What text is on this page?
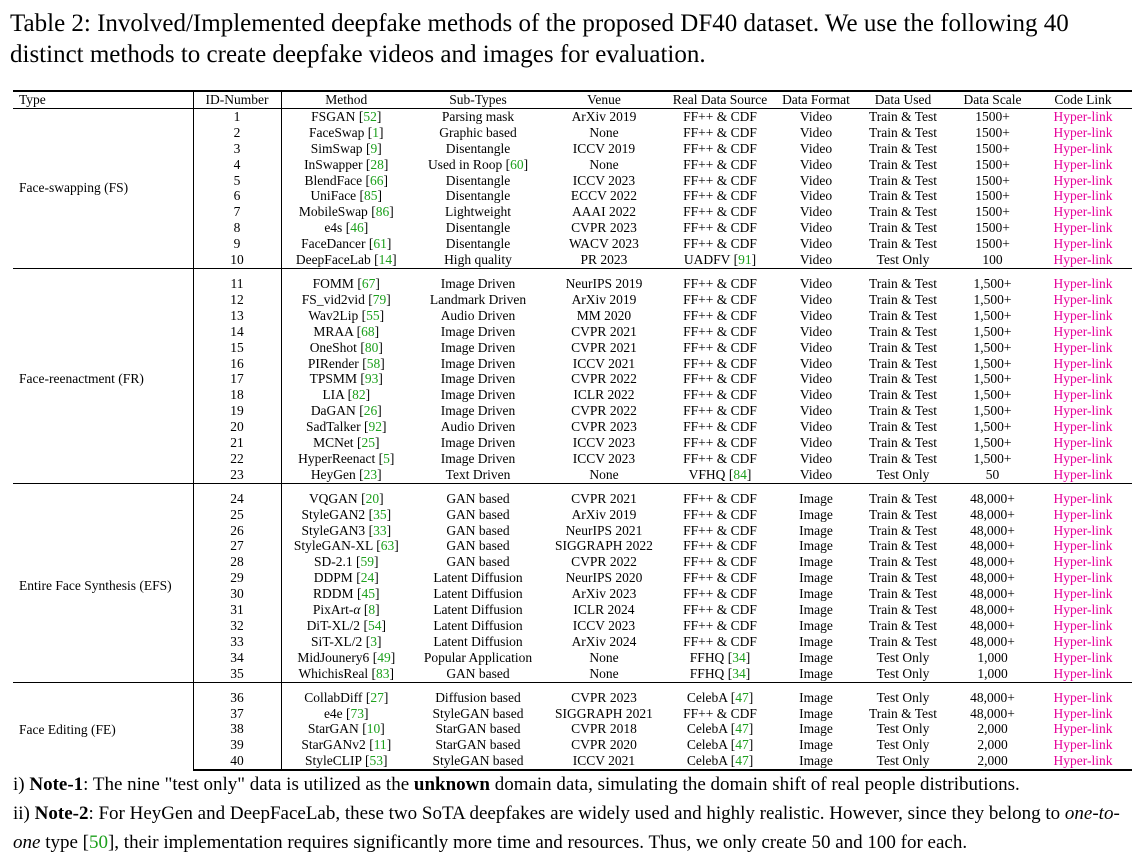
Table 2: Involved/Implemented deepfake methods of the proposed DF40 dataset. We use the following 40 distinct methods to create deepfake videos and images for evaluation.
Type	ID-Number	Method	Sub-Types	Venue	Real Data Source	Data Format	Data Used	Data Scale	Code Link
Face-swapping (FS)	1	FSGAN [52]	Parsing mask	ArXiv 2019	FF++ & CDF	Video	Train & Test	1500+	Hyper-link
	2	FaceSwap [1]	Graphic based	None	FF++ & CDF	Video	Train & Test	1500+	Hyper-link
	3	SimSwap [9]	Disentangle	ICCV 2019	FF++ & CDF	Video	Train & Test	1500+	Hyper-link
	4	InSwapper [28]	Used in Roop [60]	None	FF++ & CDF	Video	Train & Test	1500+	Hyper-link
	5	BlendFace [66]	Disentangle	ICCV 2023	FF++ & CDF	Video	Train & Test	1500+	Hyper-link
	6	UniFace [85]	Disentangle	ECCV 2022	FF++ & CDF	Video	Train & Test	1500+	Hyper-link
	7	MobileSwap [86]	Lightweight	AAAI 2022	FF++ & CDF	Video	Train & Test	1500+	Hyper-link
	8	e4s [46]	Disentangle	CVPR 2023	FF++ & CDF	Video	Train & Test	1500+	Hyper-link
	9	FaceDancer [61]	Disentangle	WACV 2023	FF++ & CDF	Video	Train & Test	1500+	Hyper-link
	10	DeepFaceLab [14]	High quality	PR 2023	UADFV [91]	Video	Test Only	100	Hyper-link
Face-reenactment (FR)	11	FOMM [67]	Image Driven	NeurIPS 2019	FF++ & CDF	Video	Train & Test	1,500+	Hyper-link
	12	FS_vid2vid [79]	Landmark Driven	ArXiv 2019	FF++ & CDF	Video	Train & Test	1,500+	Hyper-link
	13	Wav2Lip [55]	Audio Driven	MM 2020	FF++ & CDF	Video	Train & Test	1,500+	Hyper-link
	14	MRAA [68]	Image Driven	CVPR 2021	FF++ & CDF	Video	Train & Test	1,500+	Hyper-link
	15	OneShot [80]	Image Driven	CVPR 2021	FF++ & CDF	Video	Train & Test	1,500+	Hyper-link
	16	PIRender [58]	Image Driven	ICCV 2021	FF++ & CDF	Video	Train & Test	1,500+	Hyper-link
	17	TPSMM [93]	Image Driven	CVPR 2022	FF++ & CDF	Video	Train & Test	1,500+	Hyper-link
	18	LIA [82]	Image Driven	ICLR 2022	FF++ & CDF	Video	Train & Test	1,500+	Hyper-link
	19	DaGAN [26]	Image Driven	CVPR 2022	FF++ & CDF	Video	Train & Test	1,500+	Hyper-link
	20	SadTalker [92]	Audio Driven	CVPR 2023	FF++ & CDF	Video	Train & Test	1,500+	Hyper-link
	21	MCNet [25]	Image Driven	ICCV 2023	FF++ & CDF	Video	Train & Test	1,500+	Hyper-link
	22	HyperReenact [5]	Image Driven	ICCV 2023	FF++ & CDF	Video	Train & Test	1,500+	Hyper-link
	23	HeyGen [23]	Text Driven	None	VFHQ [84]	Video	Test Only	50	Hyper-link
Entire Face Synthesis (EFS)	24	VQGAN [20]	GAN based	CVPR 2021	FF++ & CDF	Image	Train & Test	48,000+	Hyper-link
	25	StyleGAN2 [35]	GAN based	ArXiv 2019	FF++ & CDF	Image	Train & Test	48,000+	Hyper-link
	26	StyleGAN3 [33]	GAN based	NeurIPS 2021	FF++ & CDF	Image	Train & Test	48,000+	Hyper-link
	27	StyleGAN-XL [63]	GAN based	SIGGRAPH 2022	FF++ & CDF	Image	Train & Test	48,000+	Hyper-link
	28	SD-2.1 [59]	GAN based	CVPR 2022	FF++ & CDF	Image	Train & Test	48,000+	Hyper-link
	29	DDPM [24]	Latent Diffusion	NeurIPS 2020	FF++ & CDF	Image	Train & Test	48,000+	Hyper-link
	30	RDDM [45]	Latent Diffusion	ArXiv 2023	FF++ & CDF	Image	Train & Test	48,000+	Hyper-link
	31	PixArt-α [8]	Latent Diffusion	ICLR 2024	FF++ & CDF	Image	Train & Test	48,000+	Hyper-link
	32	DiT-XL/2 [54]	Latent Diffusion	ICCV 2023	FF++ & CDF	Image	Train & Test	48,000+	Hyper-link
	33	SiT-XL/2 [3]	Latent Diffusion	ArXiv 2024	FF++ & CDF	Image	Train & Test	48,000+	Hyper-link
	34	MidJounery6 [49]	Popular Application	None	FFHQ [34]	Image	Test Only	1,000	Hyper-link
	35	WhichisReal [83]	GAN based	None	FFHQ [34]	Image	Test Only	1,000	Hyper-link
Face Editing (FE)	36	CollabDiff [27]	Diffusion based	CVPR 2023	CelebA [47]	Image	Test Only	48,000+	Hyper-link
	37	e4e [73]	StyleGAN based	SIGGRAPH 2021	FF++ & CDF	Image	Train & Test	48,000+	Hyper-link
	38	StarGAN [10]	StarGAN based	CVPR 2018	CelebA [47]	Image	Test Only	2,000	Hyper-link
	39	StarGANv2 [11]	StarGAN based	CVPR 2020	CelebA [47]	Image	Test Only	2,000	Hyper-link
	40	StyleCLIP [53]	StyleGAN based	ICCV 2021	CelebA [47]	Image	Test Only	2,000	Hyper-link

i) Note-1: The nine "test only" data is utilized as the unknown domain data, simulating the domain shift of real people distributions.

ii) Note-2: For HeyGen and DeepFaceLab, these two SoTA deepfakes are widely used and highly realistic. However, since they belong to one-to-one type [50], their implementation requires significantly more time and resources. Thus, we only create 50 and 100 for each.
